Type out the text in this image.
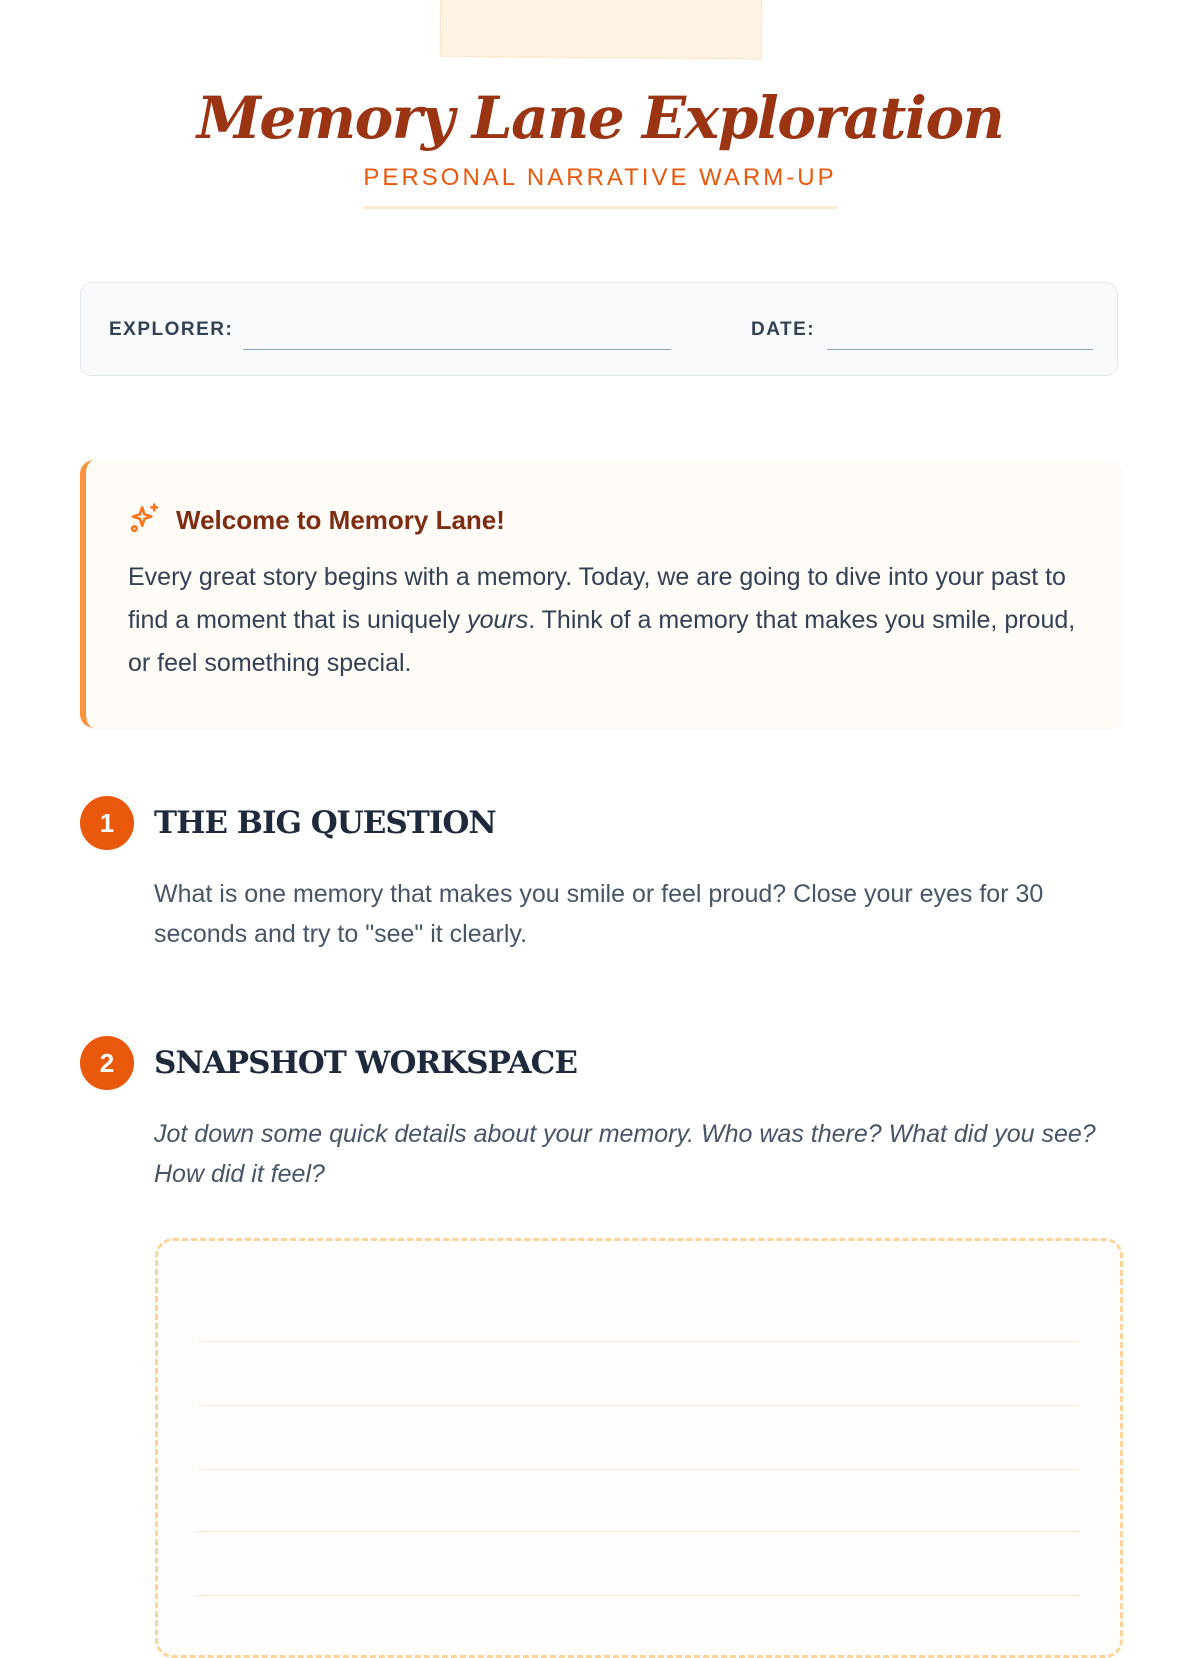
Memory Lane Exploration
PERSONAL NARRATIVE WARM-UP
EXPLORER:	DATE:
Welcome to Memory Lane!

Every great story begins with a memory. Today, we are going to dive into your past to find a moment that is uniquely yours. Think of a memory that makes you smile, proud, or feel something special.

1	THE BIG QUESTION

What is one memory that makes you smile or feel proud? Close your eyes for 30 seconds and try to "see" it clearly.

2	SNAPSHOT WORKSPACE

Jot down some quick details about your memory. Who was there? What did you see? How did it feel?
